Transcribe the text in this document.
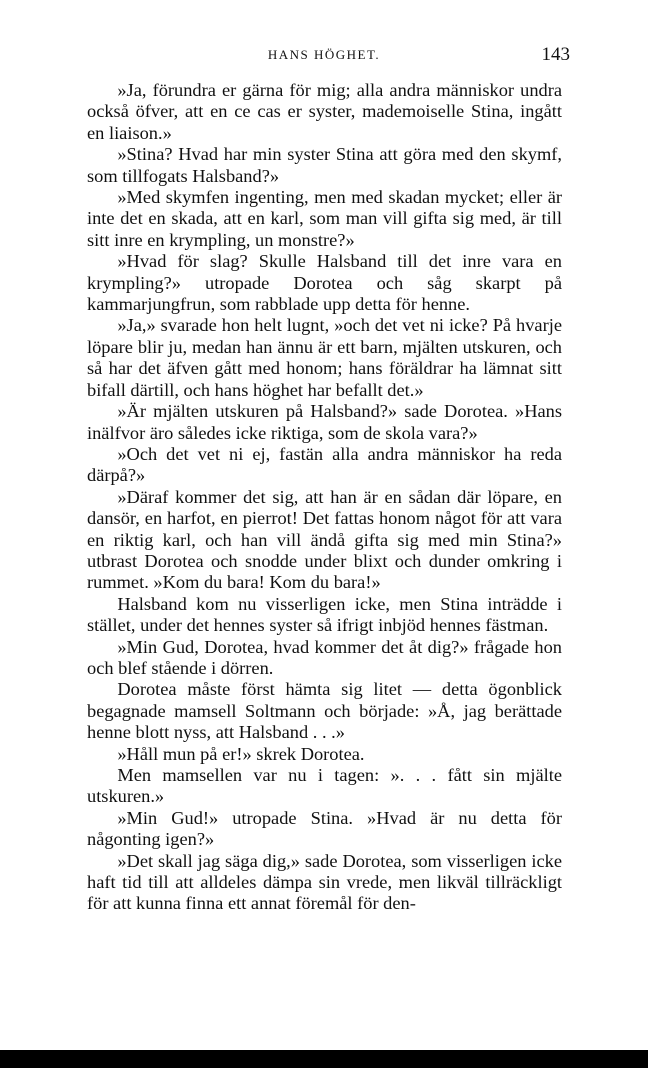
HANS HÖGHET.	143

»Ja, förundra er gärna för mig; alla andra människor undra också öfver, att en ce cas er syster, mademoiselle Stina, ingått en liaison.»

»Stina? Hvad har min syster Stina att göra med den skymf, som tillfogats Halsband?»

»Med skymfen ingenting, men med skadan mycket; eller är inte det en skada, att en karl, som man vill gifta sig med, är till sitt inre en krympling, un monstre?»

»Hvad för slag? Skulle Halsband till det inre vara en krympling?» utropade Dorotea och såg skarpt på kammarjungfrun, som rabblade upp detta för henne.

»Ja,» svarade hon helt lugnt, »och det vet ni icke? På hvarje löpare blir ju, medan han ännu är ett barn, mjälten utskuren, och så har det äfven gått med honom; hans föräldrar ha lämnat sitt bifall därtill, och hans höghet har befallt det.»

»Är mjälten utskuren på Halsband?» sade Dorotea. »Hans inälfvor äro således icke riktiga, som de skola vara?»

»Och det vet ni ej, fastän alla andra människor ha reda därpå?»

»Däraf kommer det sig, att han är en sådan där löpare, en dansör, en harfot, en pierrot! Det fattas honom något för att vara en riktig karl, och han vill ändå gifta sig med min Stina?» utbrast Dorotea och snodde under blixt och dunder omkring i rummet. »Kom du bara! Kom du bara!»

Halsband kom nu visserligen icke, men Stina inträdde i stället, under det hennes syster så ifrigt inbjöd hennes fästman.

»Min Gud, Dorotea, hvad kommer det åt dig?» frågade hon och blef stående i dörren.

Dorotea måste först hämta sig litet — detta ögonblick begagnade mamsell Soltmann och började: »Å, jag berättade henne blott nyss, att Halsband . . .»

»Håll mun på er!» skrek Dorotea.

Men mamsellen var nu i tagen: ». . . fått sin mjälte utskuren.»

»Min Gud!» utropade Stina. »Hvad är nu detta för någonting igen?»

»Det skall jag säga dig,» sade Dorotea, som visserligen icke haft tid till att alldeles dämpa sin vrede, men likväl tillräckligt för att kunna finna ett annat föremål för den-
